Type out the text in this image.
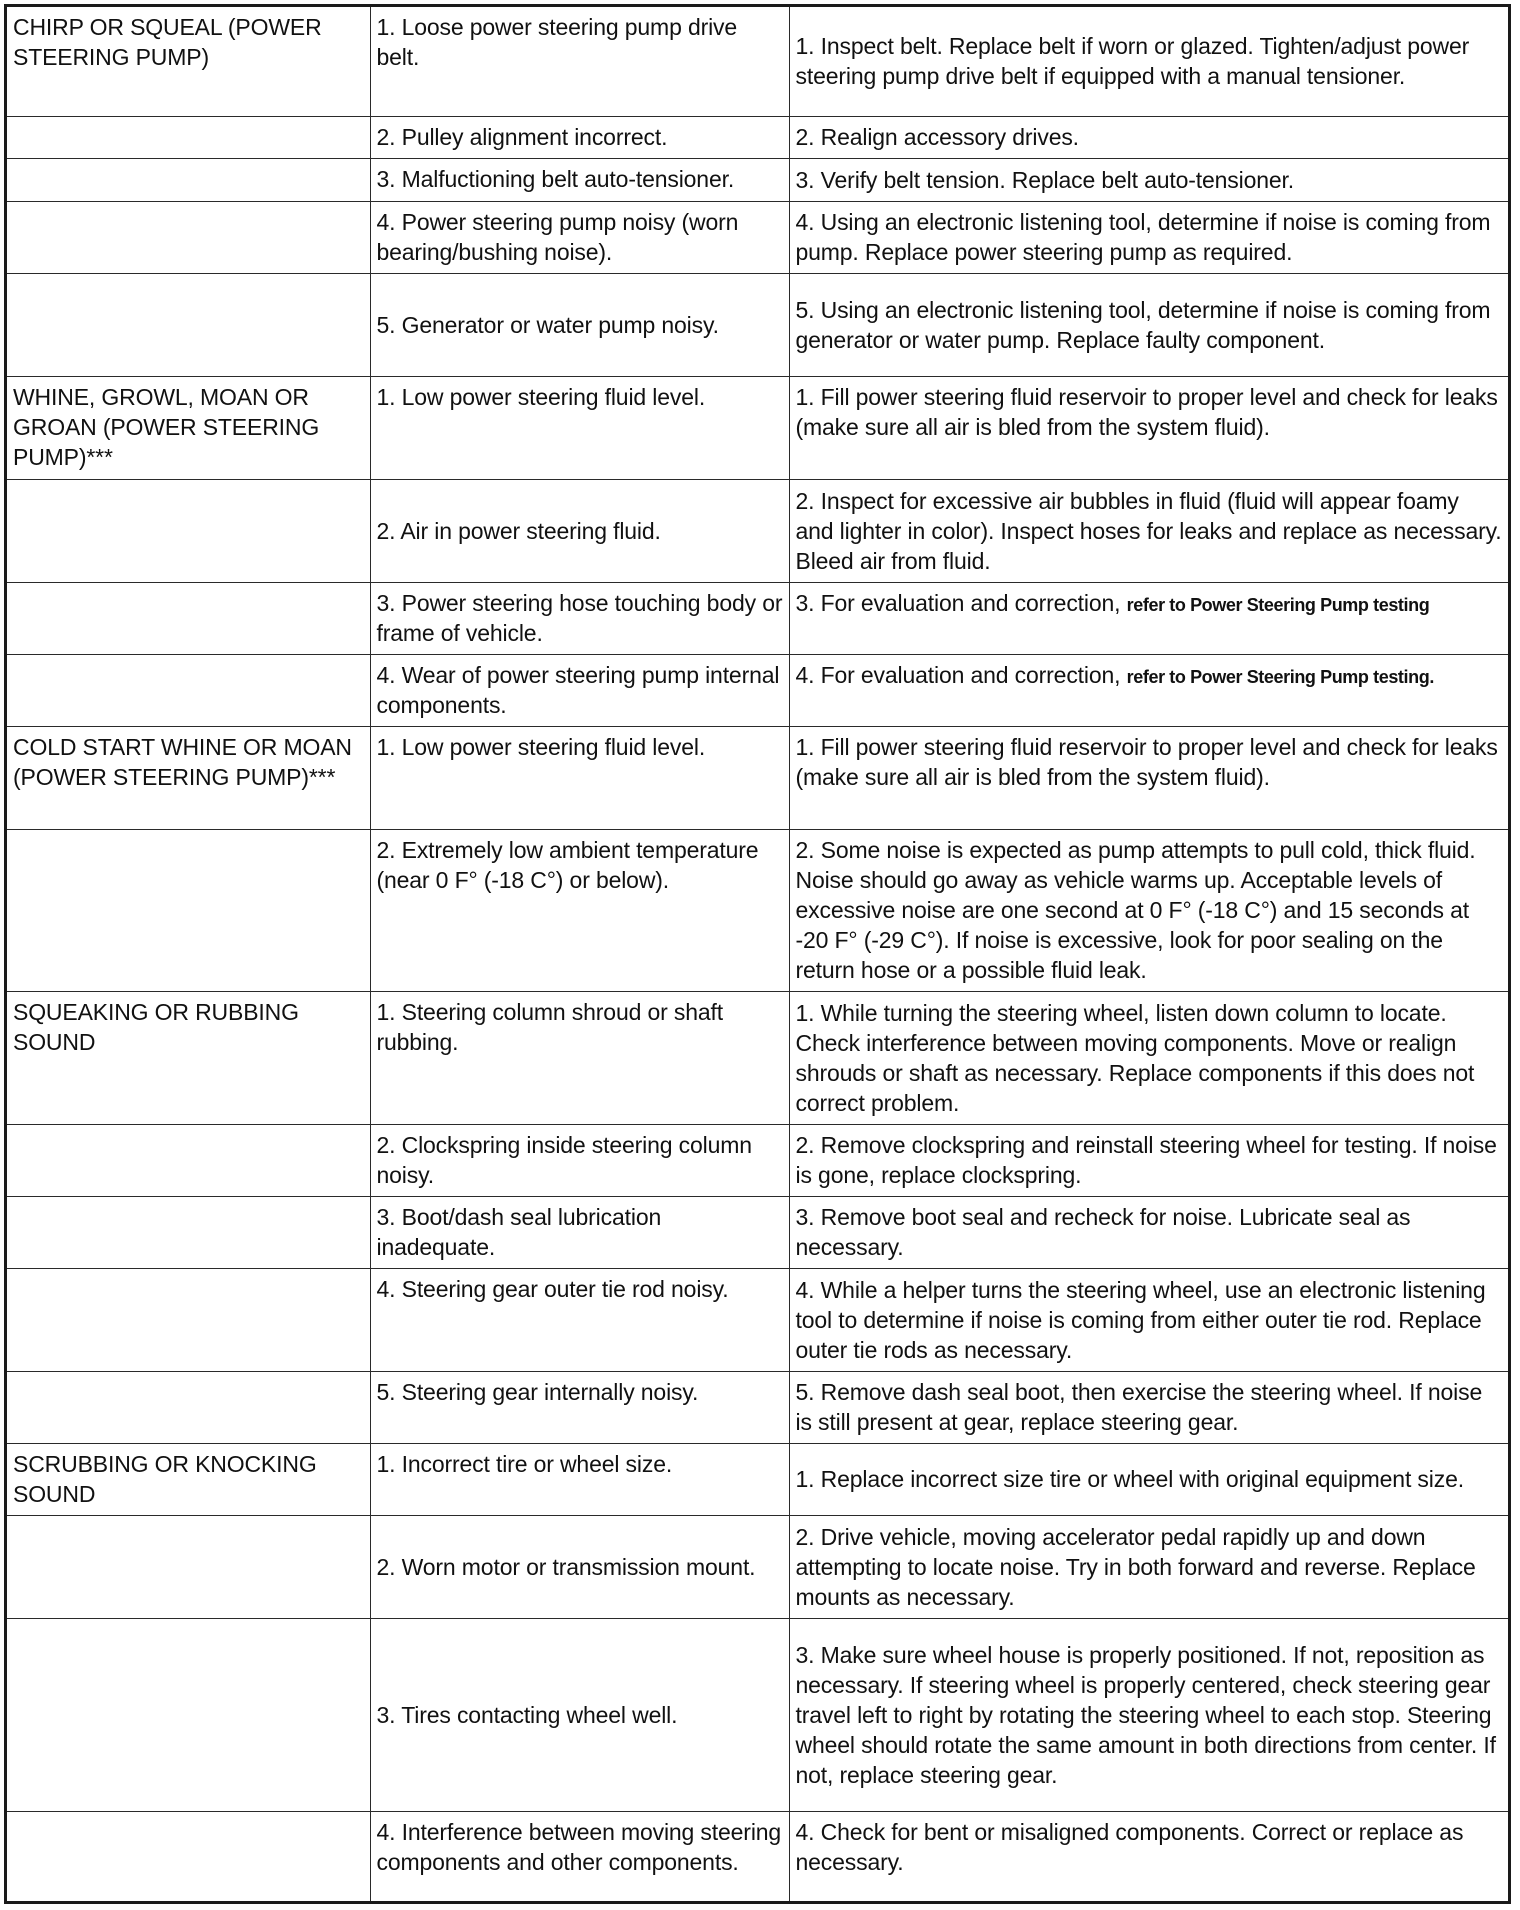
CHIRP OR SQUEAL (POWER STEERING PUMP)	1. Loose power steering pump drive belt.	1. Inspect belt. Replace belt if worn or glazed. Tighten/adjust power steering pump drive belt if equipped with a manual tensioner.
	2. Pulley alignment incorrect.	2. Realign accessory drives.
	3. Malfuctioning belt auto-tensioner.	3. Verify belt tension. Replace belt auto-tensioner.
	4. Power steering pump noisy (worn bearing/bushing noise).	4. Using an electronic listening tool, determine if noise is coming from pump. Replace power steering pump as required.
	5. Generator or water pump noisy.	5. Using an electronic listening tool, determine if noise is coming from generator or water pump. Replace faulty component.
WHINE, GROWL, MOAN OR GROAN (POWER STEERING PUMP)***	1. Low power steering fluid level.	1. Fill power steering fluid reservoir to proper level and check for leaks (make sure all air is bled from the system fluid).
	2. Air in power steering fluid.	2. Inspect for excessive air bubbles in fluid (fluid will appear foamy and lighter in color). Inspect hoses for leaks and replace as necessary. Bleed air from fluid.
	3. Power steering hose touching body or frame of vehicle.	3. For evaluation and correction, refer to Power Steering Pump testing
	4. Wear of power steering pump internal components.	4. For evaluation and correction, refer to Power Steering Pump testing.
COLD START WHINE OR MOAN (POWER STEERING PUMP)***	1. Low power steering fluid level.	1. Fill power steering fluid reservoir to proper level and check for leaks (make sure all air is bled from the system fluid).
	2. Extremely low ambient temperature (near 0 F° (-18 C°) or below).	2. Some noise is expected as pump attempts to pull cold, thick fluid. Noise should go away as vehicle warms up. Acceptable levels of excessive noise are one second at 0 F° (-18 C°) and 15 seconds at -20 F° (-29 C°). If noise is excessive, look for poor sealing on the return hose or a possible fluid leak.
SQUEAKING OR RUBBING SOUND	1. Steering column shroud or shaft rubbing.	1. While turning the steering wheel, listen down column to locate. Check interference between moving components. Move or realign shrouds or shaft as necessary. Replace components if this does not correct problem.
	2. Clockspring inside steering column noisy.	2. Remove clockspring and reinstall steering wheel for testing. If noise is gone, replace clockspring.
	3. Boot/dash seal lubrication inadequate.	3. Remove boot seal and recheck for noise. Lubricate seal as necessary.
	4. Steering gear outer tie rod noisy.	4. While a helper turns the steering wheel, use an electronic listening tool to determine if noise is coming from either outer tie rod. Replace outer tie rods as necessary.
	5. Steering gear internally noisy.	5. Remove dash seal boot, then exercise the steering wheel. If noise is still present at gear, replace steering gear.
SCRUBBING OR KNOCKING SOUND	1. Incorrect tire or wheel size.	1. Replace incorrect size tire or wheel with original equipment size.
	2. Worn motor or transmission mount.	2. Drive vehicle, moving accelerator pedal rapidly up and down attempting to locate noise. Try in both forward and reverse. Replace mounts as necessary.
	3. Tires contacting wheel well.	3. Make sure wheel house is properly positioned. If not, reposition as necessary. If steering wheel is properly centered, check steering gear travel left to right by rotating the steering wheel to each stop. Steering wheel should rotate the same amount in both directions from center. If not, replace steering gear.
	4. Interference between moving steering components and other components.	4. Check for bent or misaligned components. Correct or replace as necessary.
